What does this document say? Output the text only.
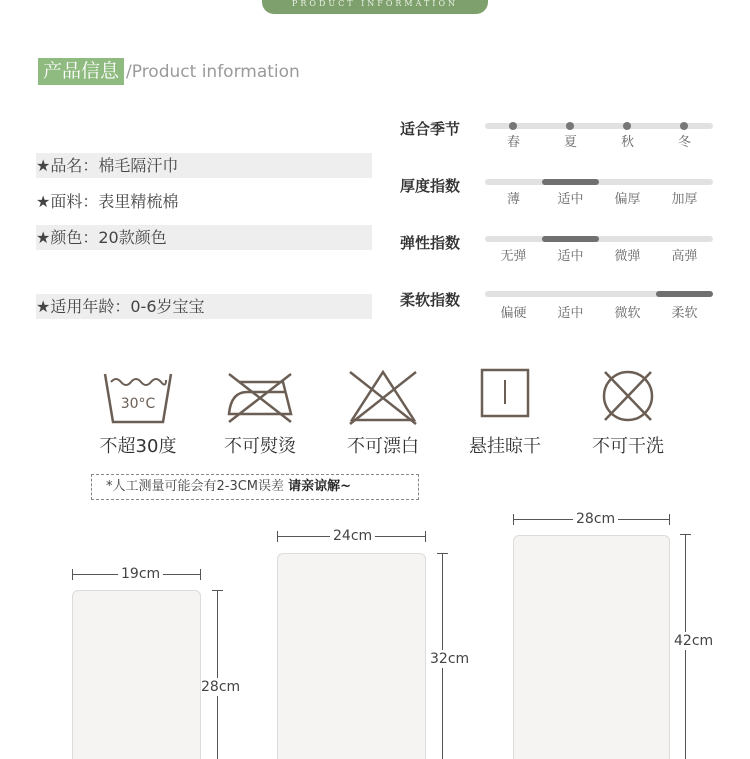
PRODUCT INFORMATION
产品信息 /Product information
★品名：棉毛隔汗巾
★面料：表里精梳棉
★颜色：20款颜色
★适用年龄：0-6岁宝宝
适合季节
春	夏	秋	冬
厚度指数
薄	适中	偏厚	加厚
弹性指数
无弹	适中	微弹	高弹
柔软指数
偏硬	适中	微软	柔软
30°C
不超30度	不可熨烫	不可漂白	悬挂晾干	不可干洗
*人工测量可能会有2-3CM误差 请亲谅解~
19cm
28cm
24cm
32cm
28cm
42cm
